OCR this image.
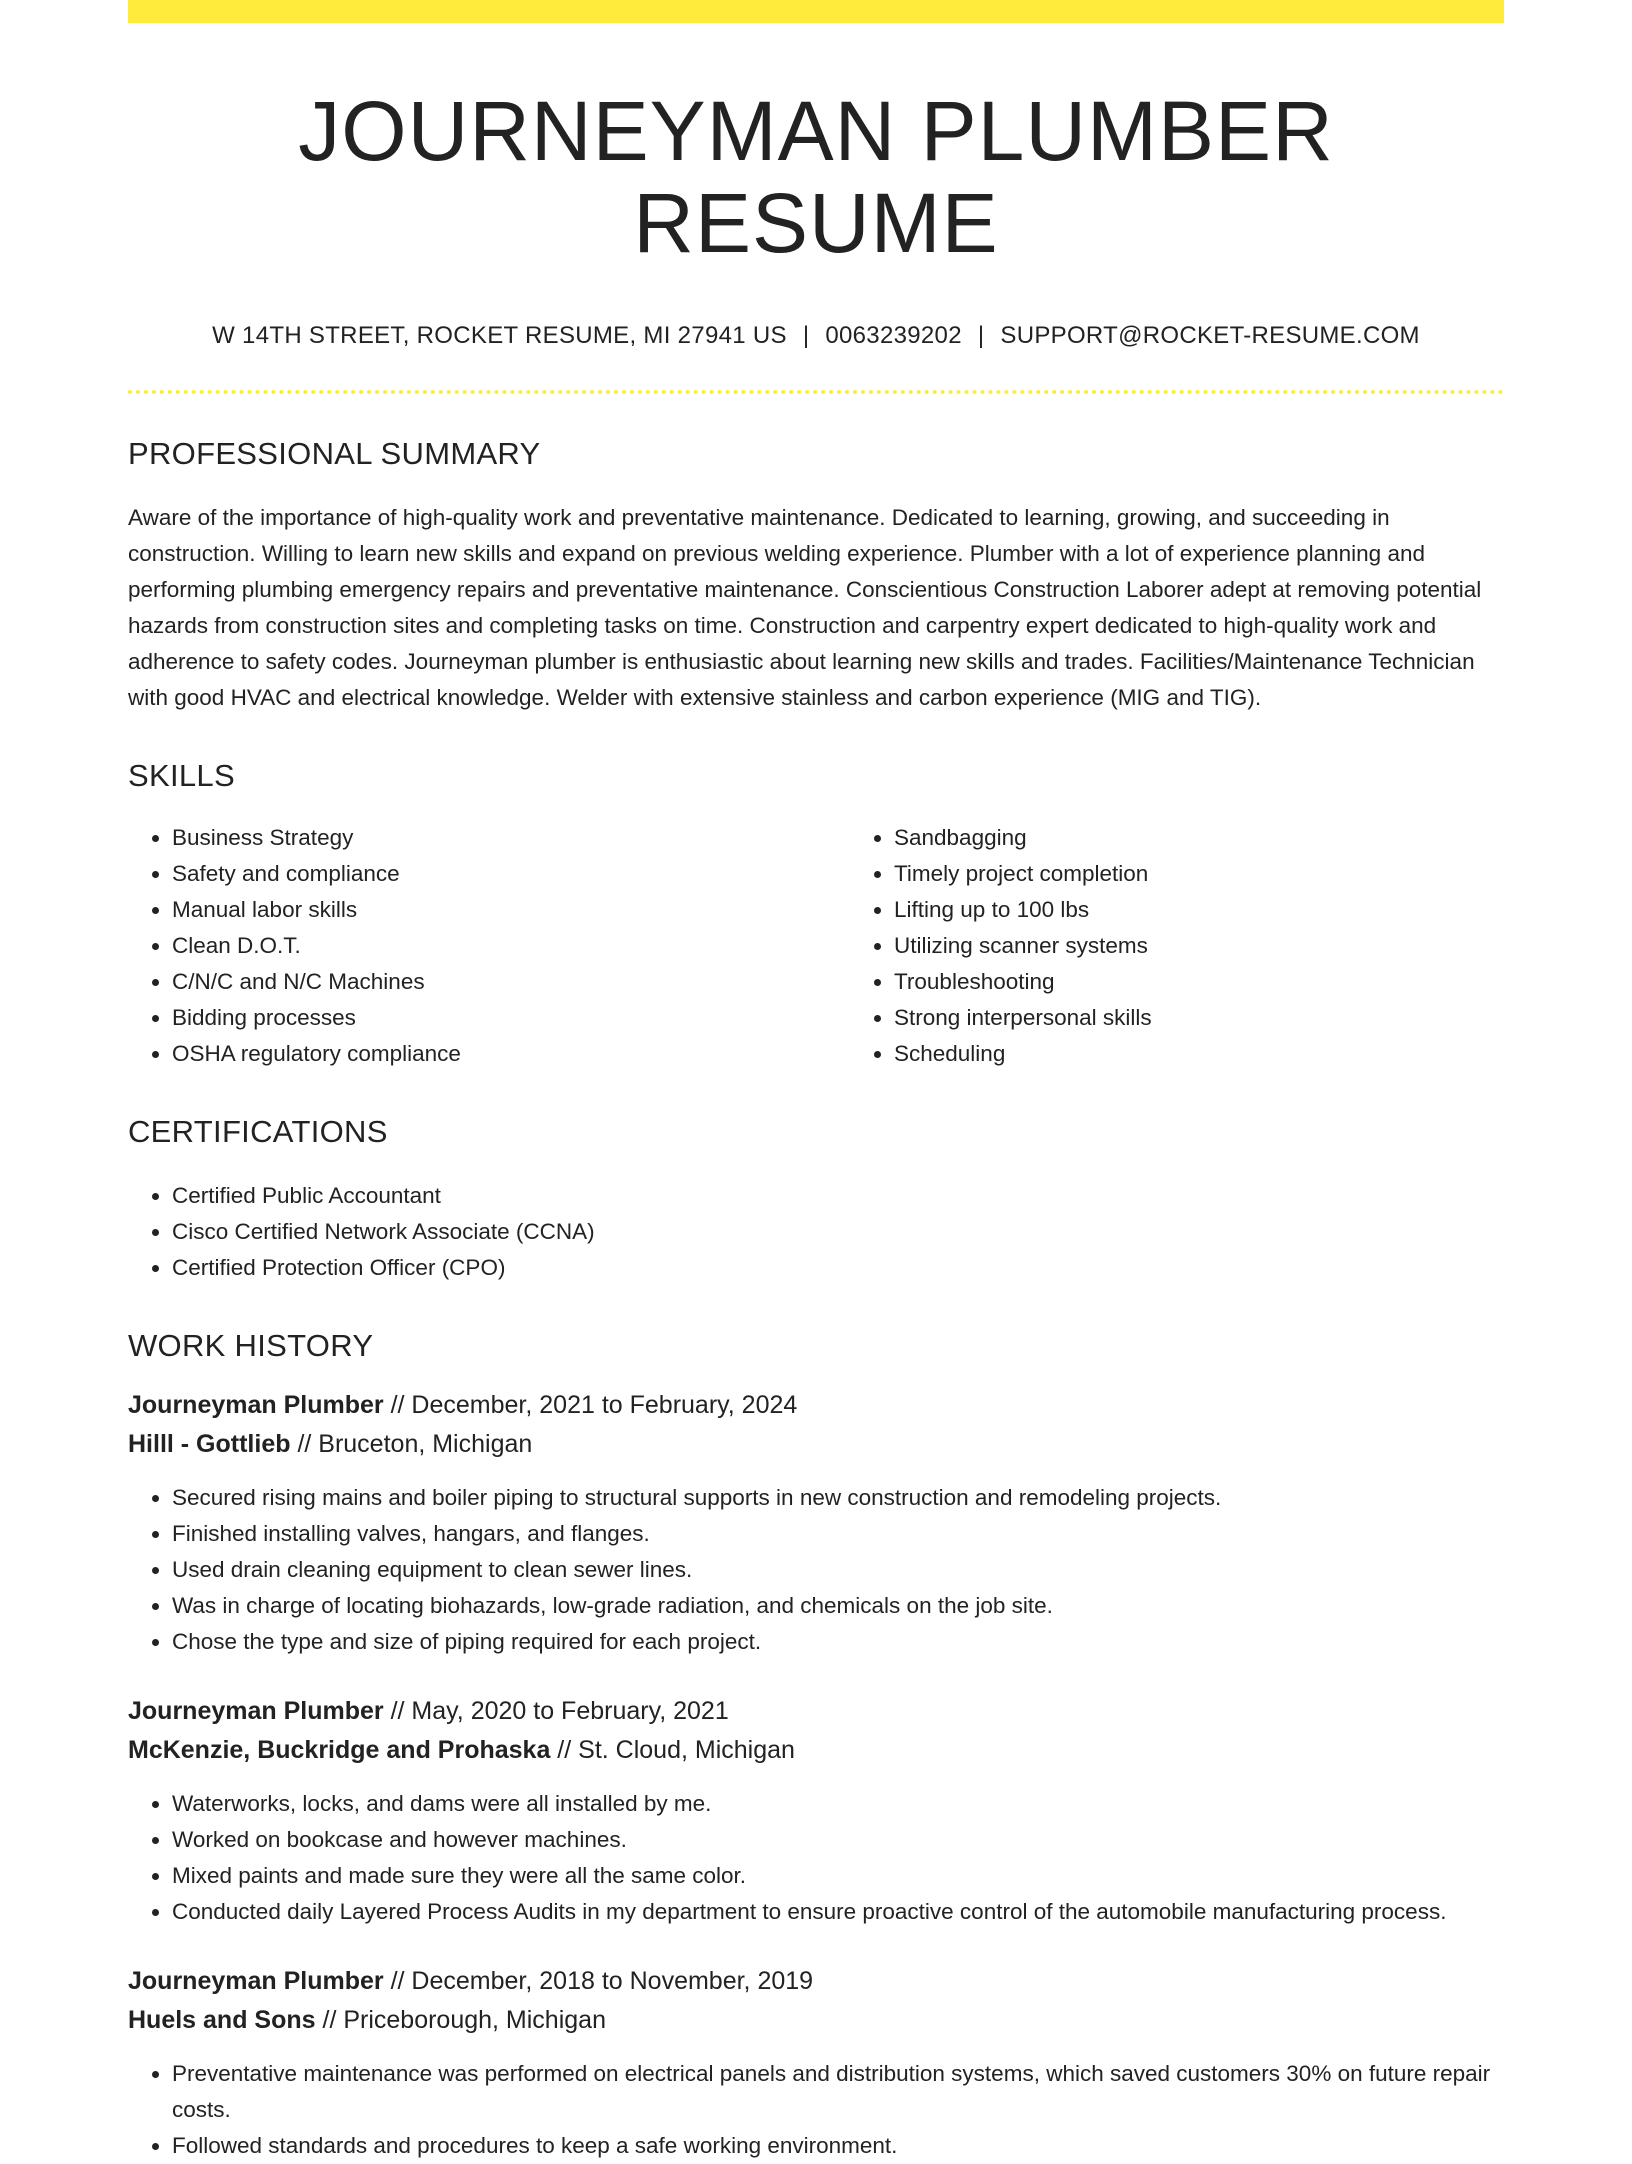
JOURNEYMAN PLUMBER RESUME
W 14TH STREET, ROCKET RESUME, MI 27941 US | 0063239202 | SUPPORT@ROCKET-RESUME.COM
PROFESSIONAL SUMMARY

Aware of the importance of high-quality work and preventative maintenance. Dedicated to learning, growing, and succeeding in construction. Willing to learn new skills and expand on previous welding experience. Plumber with a lot of experience planning and performing plumbing emergency repairs and preventative maintenance. Conscientious Construction Laborer adept at removing potential hazards from construction sites and completing tasks on time. Construction and carpentry expert dedicated to high-quality work and adherence to safety codes. Journeyman plumber is enthusiastic about learning new skills and trades. Facilities/Maintenance Technician with good HVAC and electrical knowledge. Welder with extensive stainless and carbon experience (MIG and TIG).

SKILLS
• Business Strategy
• Safety and compliance
• Manual labor skills
• Clean D.O.T.
• C/N/C and N/C Machines
• Bidding processes
• OSHA regulatory compliance
• Sandbagging
• Timely project completion
• Lifting up to 100 lbs
• Utilizing scanner systems
• Troubleshooting
• Strong interpersonal skills
• Scheduling
CERTIFICATIONS
• Certified Public Accountant
• Cisco Certified Network Associate (CCNA)
• Certified Protection Officer (CPO)
WORK HISTORY
Journeyman Plumber // December, 2021 to February, 2024
Hilll - Gottlieb // Bruceton, Michigan
• Secured rising mains and boiler piping to structural supports in new construction and remodeling projects.
• Finished installing valves, hangars, and flanges.
• Used drain cleaning equipment to clean sewer lines.
• Was in charge of locating biohazards, low-grade radiation, and chemicals on the job site.
• Chose the type and size of piping required for each project.
Journeyman Plumber // May, 2020 to February, 2021
McKenzie, Buckridge and Prohaska // St. Cloud, Michigan
• Waterworks, locks, and dams were all installed by me.
• Worked on bookcase and however machines.
• Mixed paints and made sure they were all the same color.
• Conducted daily Layered Process Audits in my department to ensure proactive control of the automobile manufacturing process.
Journeyman Plumber // December, 2018 to November, 2019
Huels and Sons // Priceborough, Michigan
• Preventative maintenance was performed on electrical panels and distribution systems, which saved customers 30% on future repair costs.
• Followed standards and procedures to keep a safe working environment.
